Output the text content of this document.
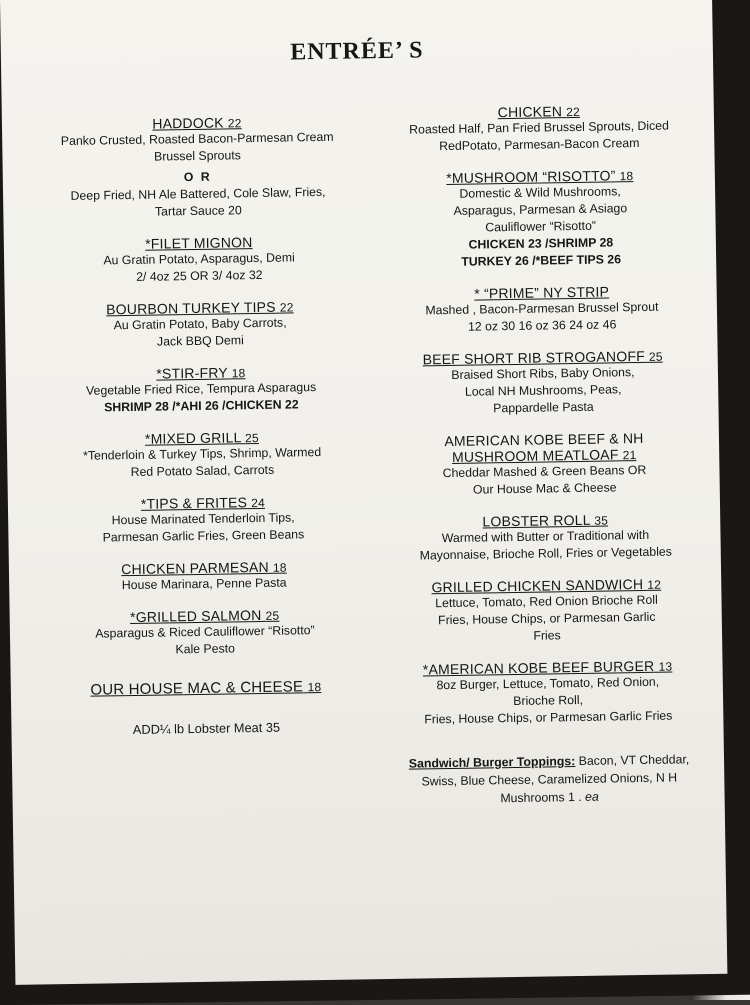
ENTRÉE’ S
HADDOCK 22
Panko Crusted, Roasted Bacon-Parmesan Cream
Brussel Sprouts
O R
Deep Fried, NH Ale Battered, Cole Slaw, Fries,
Tartar Sauce 20
*FILET MIGNON
Au Gratin Potato, Asparagus, Demi
2/ 4oz 25 OR 3/ 4oz 32
BOURBON TURKEY TIPS 22
Au Gratin Potato, Baby Carrots,
Jack BBQ Demi
*STIR-FRY 18
Vegetable Fried Rice, Tempura Asparagus
SHRIMP 28 /*AHI 26 /CHICKEN 22
*MIXED GRILL 25
*Tenderloin & Turkey Tips, Shrimp, Warmed
Red Potato Salad, Carrots
*TIPS & FRITES 24
House Marinated Tenderloin Tips,
Parmesan Garlic Fries, Green Beans
CHICKEN PARMESAN 18
House Marinara, Penne Pasta
*GRILLED SALMON 25
Asparagus & Riced Cauliflower “Risotto”
Kale Pesto
OUR HOUSE MAC & CHEESE 18
ADD¼ lb Lobster Meat 35
CHICKEN 22
Roasted Half, Pan Fried Brussel Sprouts, Diced
RedPotato, Parmesan-Bacon Cream
*MUSHROOM “RISOTTO” 18
Domestic & Wild Mushrooms,
Asparagus, Parmesan & Asiago
Cauliflower “Risotto”
CHICKEN 23 /SHRIMP 28
TURKEY 26 /*BEEF TIPS 26
* “PRIME” NY STRIP
Mashed , Bacon-Parmesan Brussel Sprout
12 oz 30 16 oz 36 24 oz 46
BEEF SHORT RIB STROGANOFF 25
Braised Short Ribs, Baby Onions,
Local NH Mushrooms, Peas,
Pappardelle Pasta
AMERICAN KOBE BEEF & NH
MUSHROOM MEATLOAF 21
Cheddar Mashed & Green Beans OR
Our House Mac & Cheese
LOBSTER ROLL 35
Warmed with Butter or Traditional with
Mayonnaise, Brioche Roll, Fries or Vegetables
GRILLED CHICKEN SANDWICH 12
Lettuce, Tomato, Red Onion Brioche Roll
Fries, House Chips, or Parmesan Garlic
Fries
*AMERICAN KOBE BEEF BURGER 13
8oz Burger, Lettuce, Tomato, Red Onion,
Brioche Roll,
Fries, House Chips, or Parmesan Garlic Fries
Sandwich/ Burger Toppings: Bacon, VT Cheddar,
Swiss, Blue Cheese, Caramelized Onions, N H
Mushrooms 1 . ea
